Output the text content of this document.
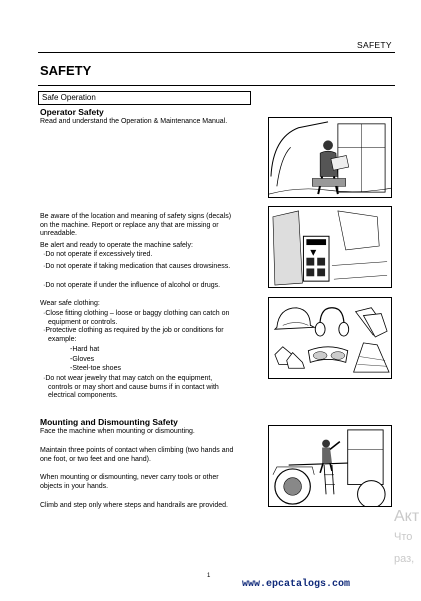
SAFETY
SAFETY
Safe Operation
Operator Safety
Read and understand the Operation & Maintenance Manual.
Be aware of the location and meaning of safety signs (decals)
on the machine. Report or replace any that are missing or
unreadable.
Be alert and ready to operate the machine safely:
·Do not operate if excessively tired.
·Do not operate if taking medication that causes drowsiness.
·Do not operate if under the influence of alcohol or drugs.
Wear safe clothing:
·Close fitting clothing – loose or baggy clothing can catch on
equipment or controls.
·Protective clothing as required by the job or conditions for
example:
-Hard hat
-Gloves
-Steel-toe shoes
·Do not wear jewelry that may catch on the equipment,
controls or may short and cause burns if in contact with
electrical components.
Mounting and Dismounting Safety
Face the machine when mounting or dismounting.
Maintain three points of contact when climbing (two hands and
one foot, or two feet and one hand).
When mounting or dismounting, never carry tools or other
objects in your hands.
Climb and step only where steps and handrails are provided.
1
Акт
Что
раз,
www.epcatalogs.com
